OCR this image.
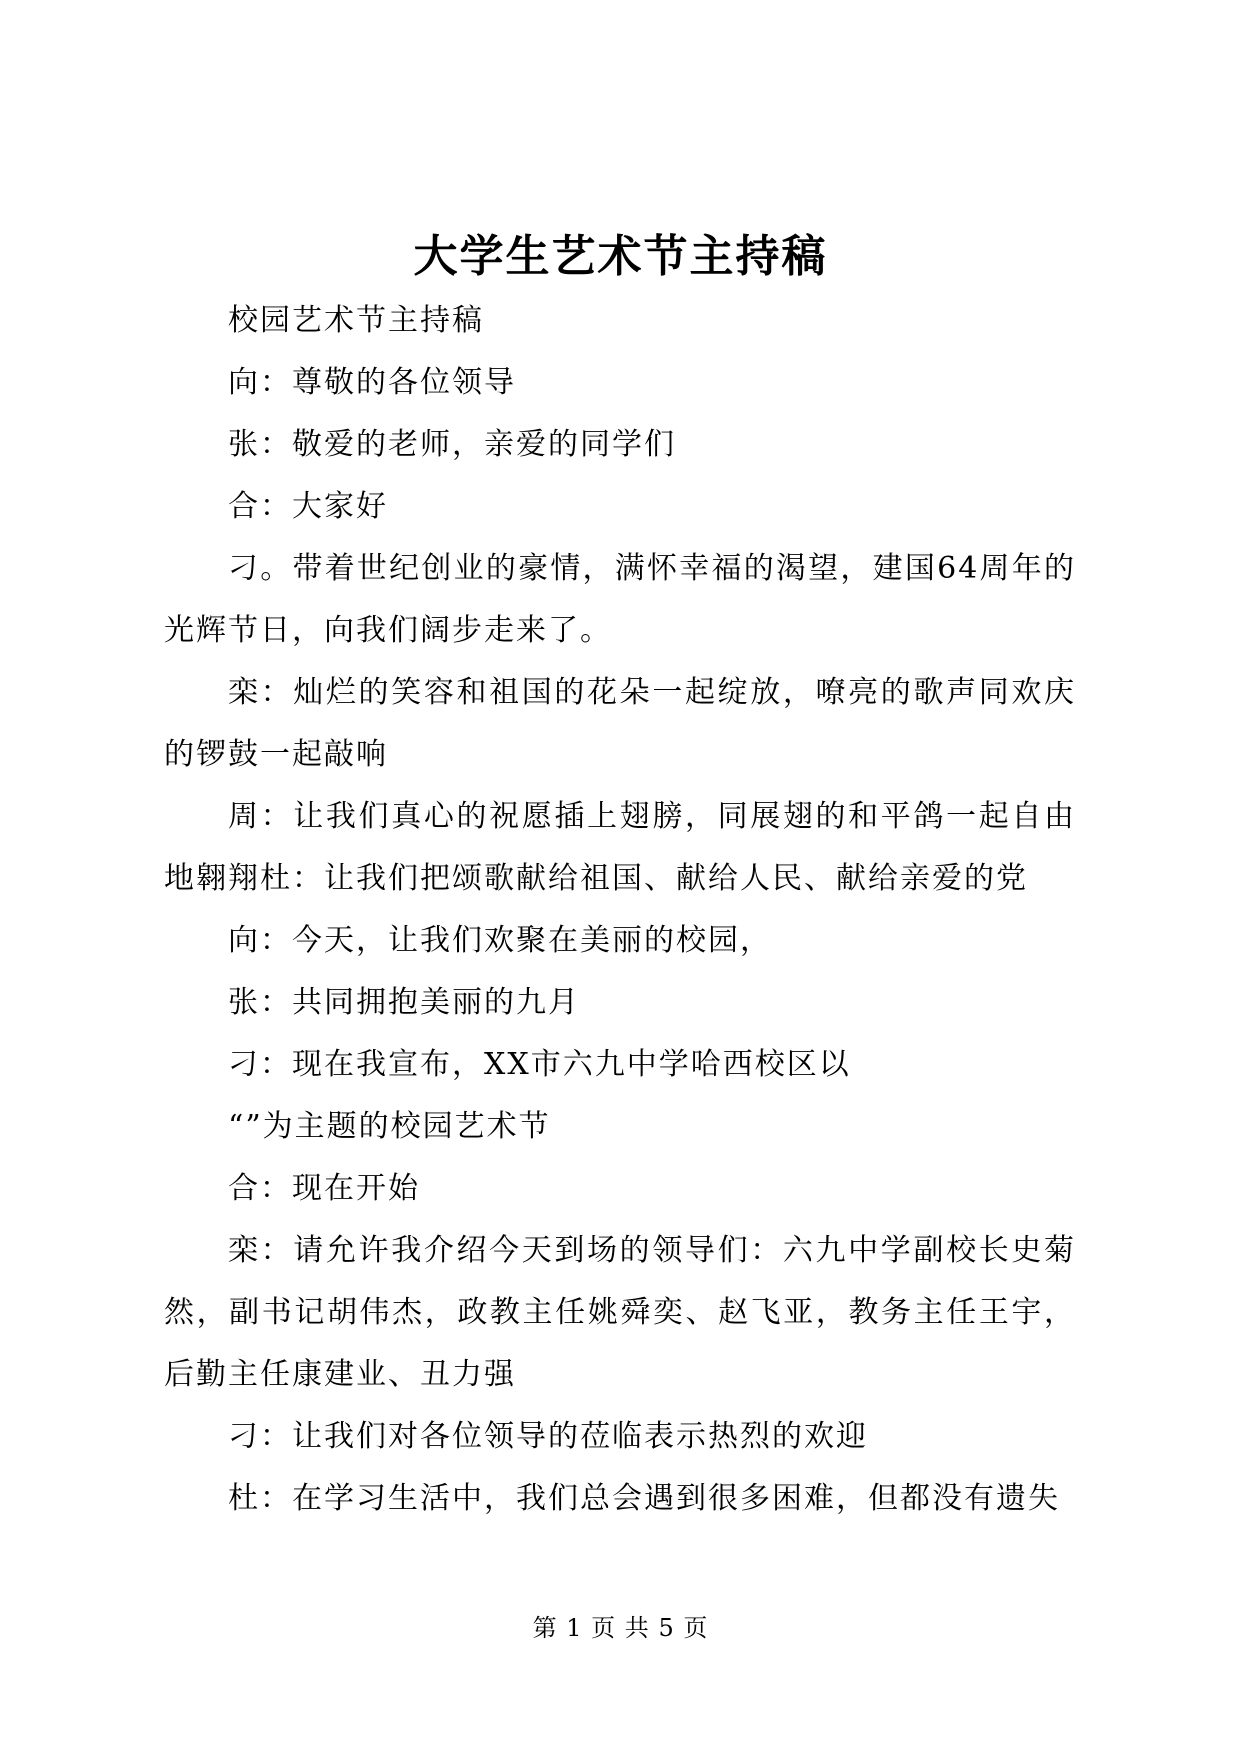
大学生艺术节主持稿

校园艺术节主持稿

向：尊敬的各位领导

张：敬爱的老师，亲爱的同学们

合：大家好

刁。带着世纪创业的豪情，满怀幸福的渴望，建国64周年的光辉节日，向我们阔步走来了。

栾：灿烂的笑容和祖国的花朵一起绽放，嘹亮的歌声同欢庆的锣鼓一起敲响

周：让我们真心的祝愿插上翅膀，同展翅的和平鸽一起自由地翱翔杜：让我们把颂歌献给祖国、献给人民、献给亲爱的党

向：今天，让我们欢聚在美丽的校园，

张：共同拥抱美丽的九月

刁：现在我宣布，XX市六九中学哈西校区以

“”为主题的校园艺术节

合：现在开始

栾：请允许我介绍今天到场的领导们：六九中学副校长史菊然，副书记胡伟杰，政教主任姚舜奕、赵飞亚，教务主任王宇，后勤主任康建业、丑力强

刁：让我们对各位领导的莅临表示热烈的欢迎

杜：在学习生活中，我们总会遇到很多困难，但都没有遗失

第 1 页 共 5 页
